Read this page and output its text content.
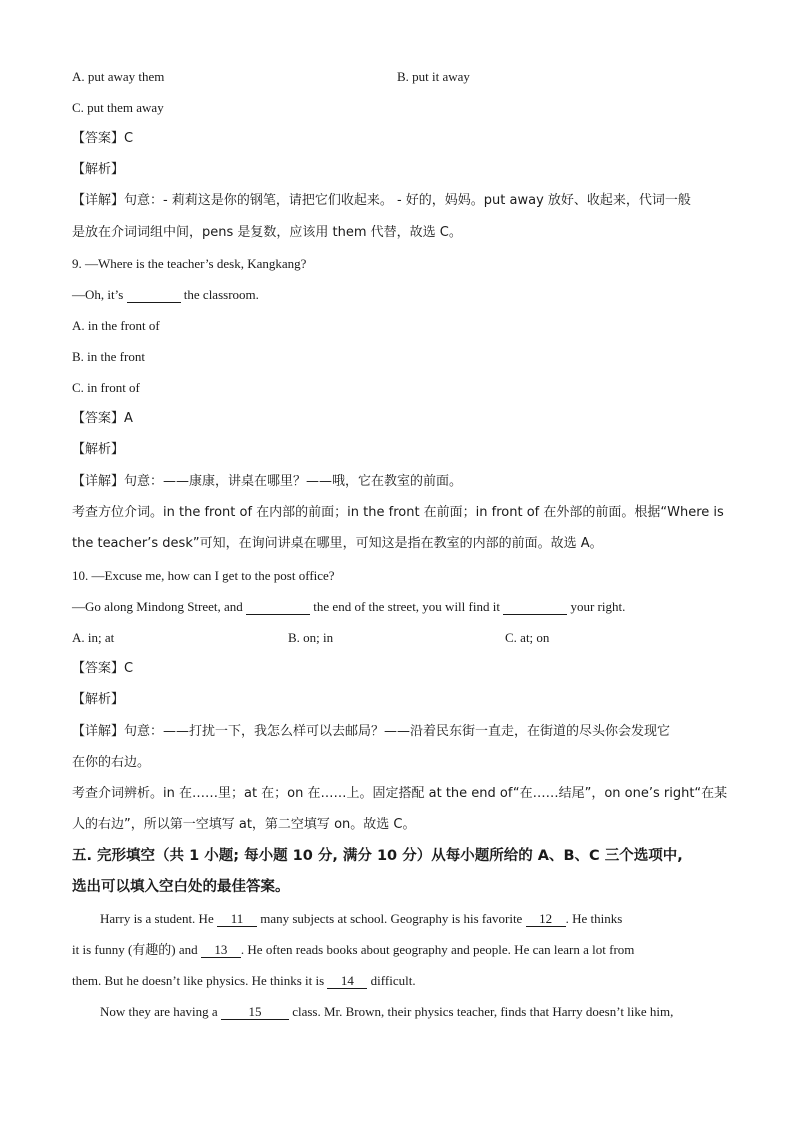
A. put away them	B. put it away
C. put them away
【答案】C
【解析】
【详解】句意：- 莉莉这是你的钢笔，请把它们收起来。 - 好的，妈妈。put away 放好、收起来，代词一般
是放在介词词组中间，pens 是复数，应该用 them 代替，故选 C。
9. —Where is the teacher’s desk, Kangkang?
—Oh, it’s	the classroom.
A. in the front of
B. in the front
C. in front of
【答案】A
【解析】
【详解】句意：——康康，讲桌在哪里？——哦，它在教室的前面。
考查方位介词。in the front of 在内部的前面；in the front 在前面；in front of 在外部的前面。根据“Where is
the teacher’s desk”可知，在询问讲桌在哪里，可知这是指在教室的内部的前面。故选 A。
10. —Excuse me, how can I get to the post office?
—Go along Mindong Street, and	the end of the street, you will find it	your right.
A. in; at	B. on; in	C. at; on
【答案】C
【解析】
【详解】句意：——打扰一下，我怎么样可以去邮局？——沿着民东街一直走，在街道的尽头你会发现它
在你的右边。
考查介词辨析。in 在……里；at 在；on 在……上。固定搭配 at the end of“在……结尾”，on one’s right“在某
人的右边”，所以第一空填写 at，第二空填写 on。故选 C。
五. 完形填空（共 1 小题; 每小题 10 分, 满分 10 分）从每小题所给的 A、B、C 三个选项中,
选出可以填入空白处的最佳答案。
Harry is a student. He 11 many subjects at school. Geography is his favorite 12 . He thinks
it is funny (有趣的) and 13 . He often reads books about geography and people. He can learn a lot from
them. But he doesn’t like physics. He thinks it is 14 difficult.
Now they are having a 15 class. Mr. Brown, their physics teacher, finds that Harry doesn’t like him,
